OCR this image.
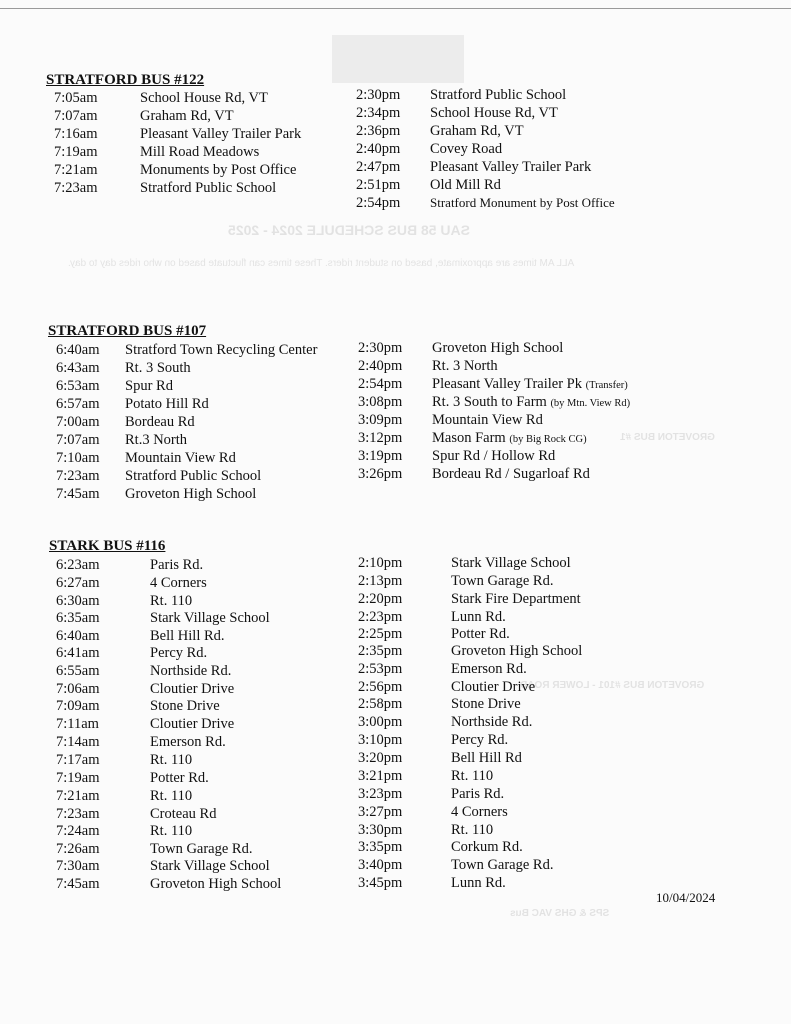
SAU 58 BUS SCHEDULE 2024 - 2025
ALL AM times are approximate, based on student riders. These times can fluctuate based on who rides day to day.
GROVETON BUS #1
GROVETON BUS #101 - LOWER ROAD
SPS & GHS VAC Bus
STRATFORD BUS #122
7:05am	School House Rd, VT
7:07am	Graham Rd, VT
7:16am	Pleasant Valley Trailer Park
7:19am	Mill Road Meadows
7:21am	Monuments by Post Office
7:23am	Stratford Public School
2:30pm Stratford Public School
2:34pm School House Rd, VT
2:36pm Graham Rd, VT
2:40pm Covey Road
2:47pm Pleasant Valley Trailer Park
2:51pm Old Mill Rd
2:54pm Stratford Monument by Post Office
STRATFORD BUS #107
6:40am Stratford Town Recycling Center
6:43am Rt. 3 South
6:53am Spur Rd
6:57am Potato Hill Rd
7:00am Bordeau Rd
7:07am Rt.3 North
7:10am Mountain View Rd
7:23am Stratford Public School
7:45am Groveton High School
2:30pm Groveton High School
2:40pm Rt. 3 North
2:54pm Pleasant Valley Trailer Pk (Transfer)
3:08pm Rt. 3 South to Farm (by Mtn. View Rd)
3:09pm Mountain View Rd
3:12pm Mason Farm (by Big Rock CG)
3:19pm Spur Rd / Hollow Rd
3:26pm Bordeau Rd / Sugarloaf Rd
STARK BUS #116
6:23am	Paris Rd.
6:27am	4 Corners
6:30am	Rt. 110
6:35am	Stark Village School
6:40am	Bell Hill Rd.
6:41am	Percy Rd.
6:55am	Northside Rd.
7:06am	Cloutier Drive
7:09am	Stone Drive
7:11am	Cloutier Drive
7:14am	Emerson Rd.
7:17am	Rt. 110
7:19am	Potter Rd.
7:21am	Rt. 110
7:23am	Croteau Rd
7:24am	Rt. 110
7:26am	Town Garage Rd.
7:30am	Stark Village School
7:45am	Groveton High School
2:10pm	Stark Village School
2:13pm	Town Garage Rd.
2:20pm	Stark Fire Department
2:23pm	Lunn Rd.
2:25pm	Potter Rd.
2:35pm	Groveton High School
2:53pm	Emerson Rd.
2:56pm	Cloutier Drive
2:58pm	Stone Drive
3:00pm	Northside Rd.
3:10pm	Percy Rd.
3:20pm	Bell Hill Rd
3:21pm	Rt. 110
3:23pm	Paris Rd.
3:27pm	4 Corners
3:30pm	Rt. 110
3:35pm	Corkum Rd.
3:40pm	Town Garage Rd.
3:45pm	Lunn Rd.
10/04/2024
